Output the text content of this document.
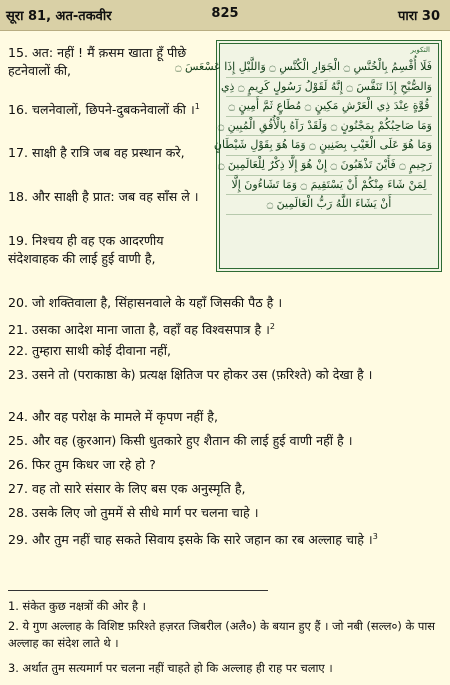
सूरा 81, अत-तकवीर	825	पारा 30
التكوير
فَلَا أُقْسِمُ بِالْخُنَّسِ ۝ الْجَوَارِ الْكُنَّسِ ۝ وَاللَّيْلِ إِذَا عَسْعَسَ ۝
وَالصُّبْحِ إِذَا تَنَفَّسَ ۝ إِنَّهُ لَقَوْلُ رَسُولٍ كَرِيمٍ ۝ ذِي
قُوَّةٍ عِنْدَ ذِي الْعَرْشِ مَكِينٍ ۝ مُطَاعٍ ثَمَّ أَمِينٍ ۝
وَمَا صَاحِبُكُمْ بِمَجْنُونٍ ۝ وَلَقَدْ رَآهُ بِالْأُفُقِ الْمُبِينِ ۝
وَمَا هُوَ عَلَى الْغَيْبِ بِضَنِينٍ ۝ وَمَا هُوَ بِقَوْلِ شَيْطَانٍ
رَجِيمٍ ۝ فَأَيْنَ تَذْهَبُونَ ۝ إِنْ هُوَ إِلَّا ذِكْرٌ لِلْعَالَمِينَ ۝
لِمَنْ شَاءَ مِنْكُمْ أَنْ يَسْتَقِيمَ ۝ وَمَا تَشَاءُونَ إِلَّا
أَنْ يَشَاءَ اللَّهُ رَبُّ الْعَالَمِينَ ۝

15. अत: नहीं ! मैं क़सम खाता हूँ पीछे हटनेवालों की,

16. चलनेवालों, छिपने-दुबकनेवालों की ।$^1$

17. साक्षी है रात्रि जब वह प्रस्थान करे,

18. और साक्षी है प्रात: जब वह साँस ले ।

19. निश्चय ही वह एक आदरणीय संदेशवाहक की लाई हुई वाणी है,

20. जो शक्तिवाला है, सिंहासनवाले के यहाँ जिसकी पैठ है ।

21. उसका आदेश माना जाता है, वहाँ वह विश्वसपात्र है ।$^2$

22. तुम्हारा साथी कोई दीवाना नहीं,

23. उसने तो (पराकाष्ठा के) प्रत्यक्ष क्षितिज पर होकर उस (फ़रिश्ते) को देखा है ।

24. और वह परोक्ष के मामले में कृपण नहीं है,

25. और वह (क़ुरआन) किसी धुतकारे हुए शैतान की लाई हुई वाणी नहीं है ।

26. फिर तुम किधर जा रहे हो ?

27. वह तो सारे संसार के लिए बस एक अनुस्मृति है,

28. उसके लिए जो तुममें से सीधे मार्ग पर चलना चाहे ।

29. और तुम नहीं चाह सकते सिवाय इसके कि सारे जहान का रब अल्लाह चाहे ।$^3$

1. संकेत कुछ नक्षत्रों की ओर है ।

2. ये गुण अल्लाह के विशिष्ट फ़रिश्ते हज़रत जिबरील (अलै०) के बयान हुए हैं । जो नबी (सल्ल०) के पास अल्लाह का संदेश लाते थे ।

3. अर्थात तुम सत्यमार्ग पर चलना नहीं चाहते हो कि अल्लाह ही राह पर चलाए ।
